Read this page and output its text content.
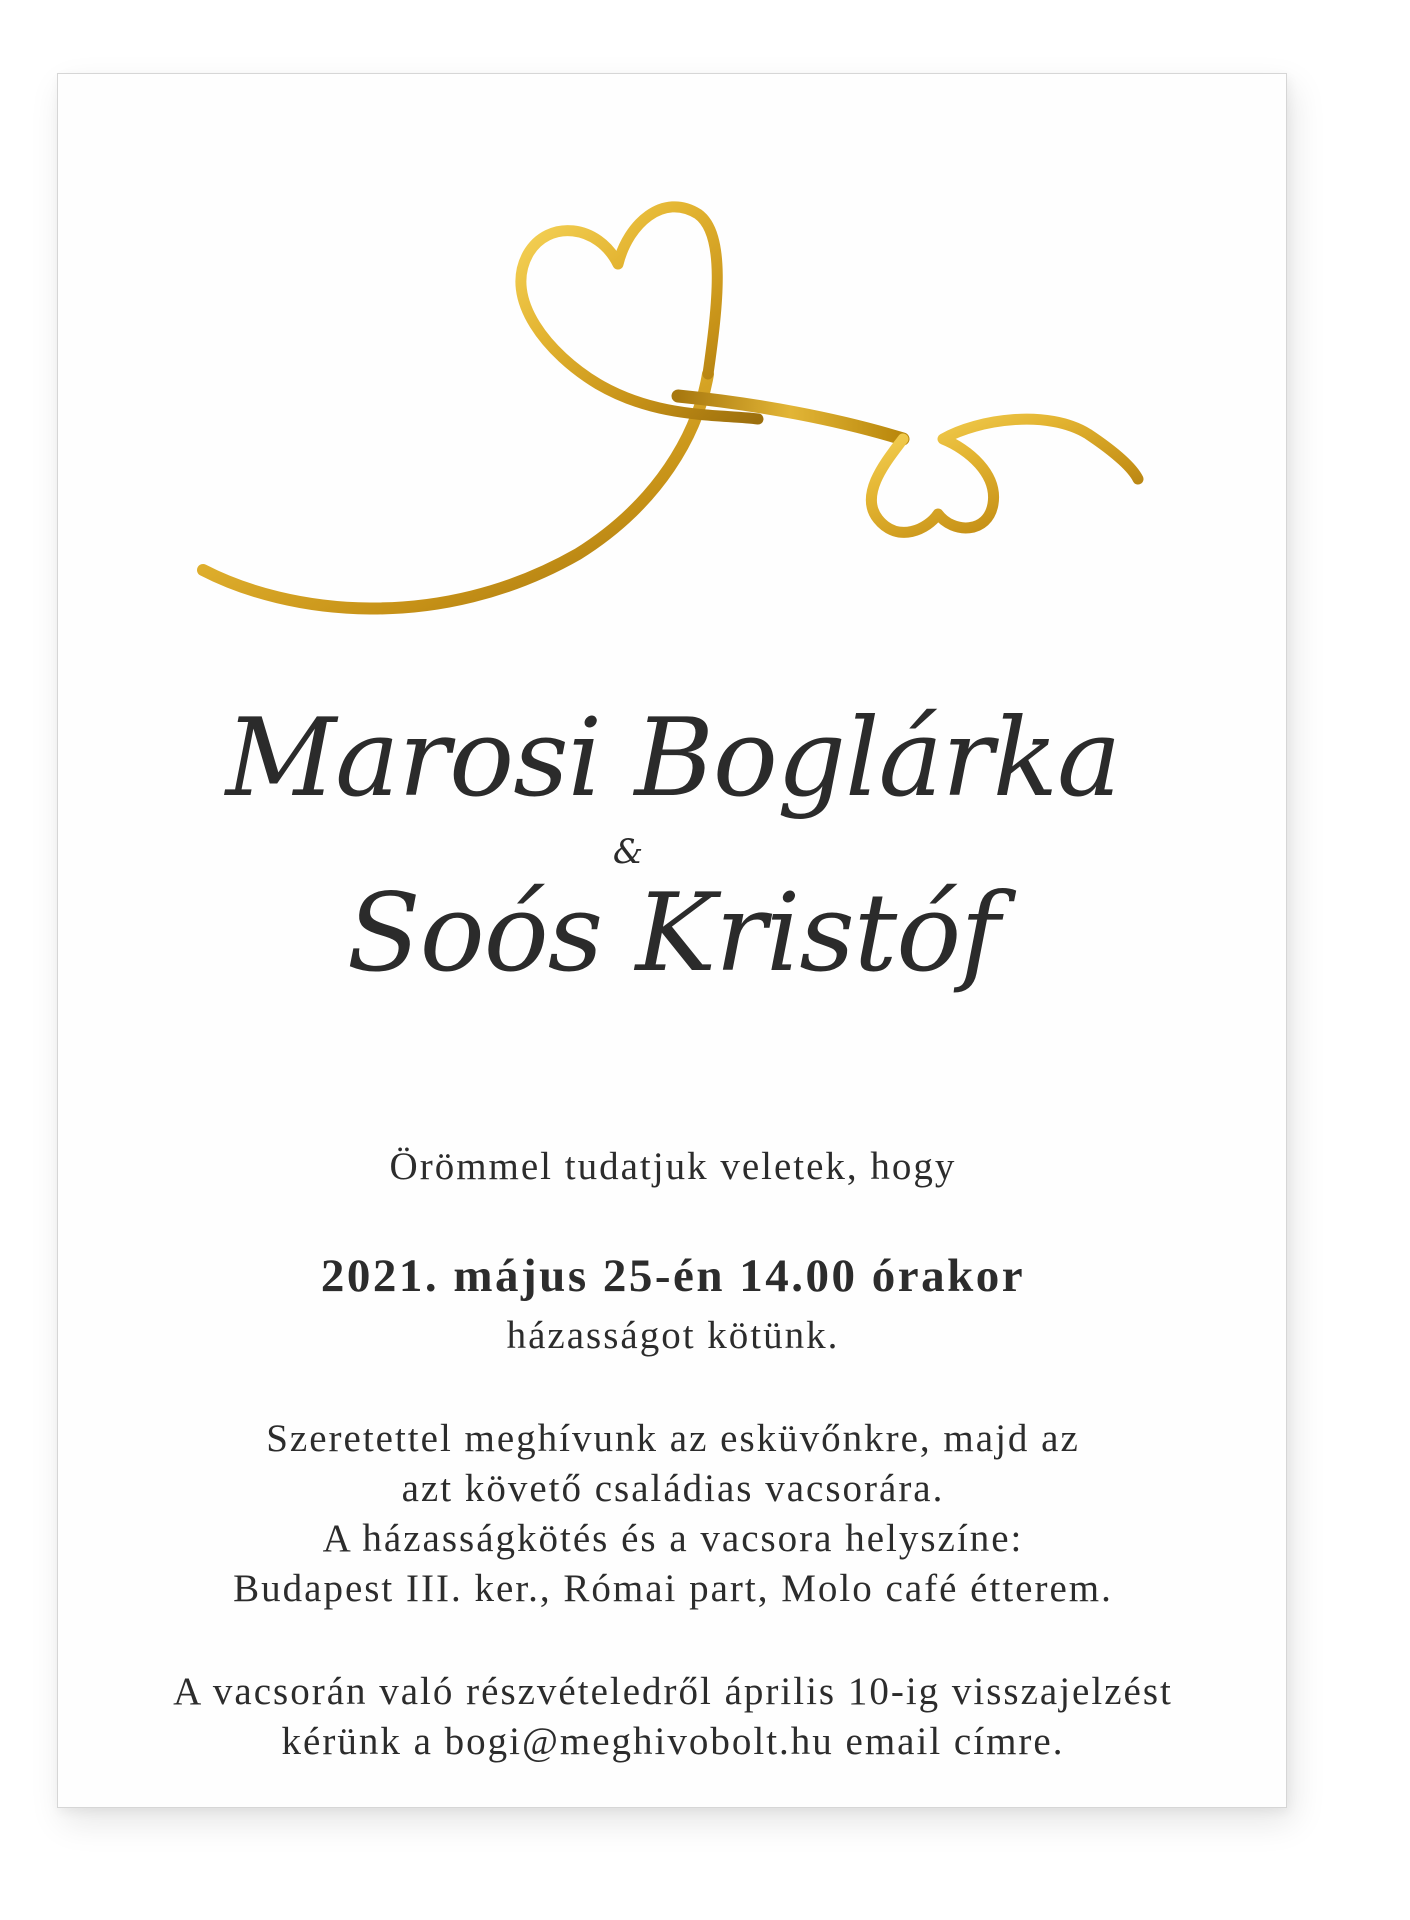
Marosi Boglárka
&
Soós Kristóf
Örömmel tudatjuk veletek, hogy
2021. május 25-én 14.00 órakor
házasságot kötünk.
Szeretettel meghívunk az esküvőnkre, majd az
azt követő családias vacsorára.
A házasságkötés és a vacsora helyszíne:
Budapest III. ker., Római part, Molo café étterem.
A vacsorán való részvételedről április 10-ig visszajelzést
kérünk a bogi@meghivobolt.hu email címre.
